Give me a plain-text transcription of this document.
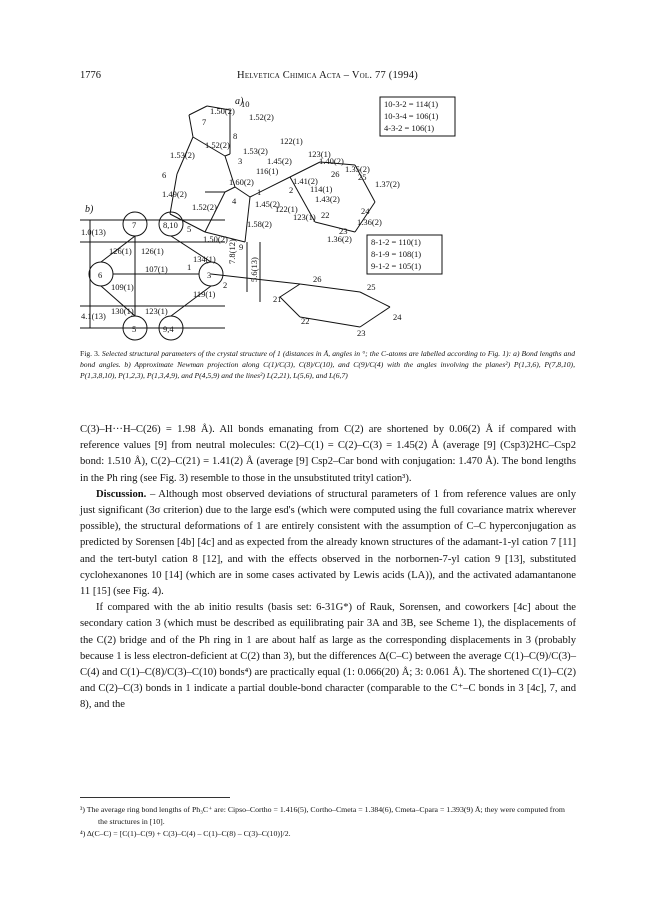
1776	Helvetica Chimica Acta – Vol. 77 (1994)
a)
b)
10
7
8
3
26 25
24
23
22
6
1	2
4
5
9
1.50(2)
1.52(2)
1.52(2)
1.53(2)	1.53(2)
1.45(2)
1.41(2)
1.40(2)
1.35(2)
1.37(2)
1.36(2)
1.36(2)
1.43(2)
1.49(2)
1.52(2)
1.60(2)
1.45(2)
1.58(2)
1.50(2)
116(1)
122(1)
123(1)
114(1)
122(1)
123(1)
10-3-2 = 114(1)
10-3-4 = 106(1)
4-3-2 = 106(1)
8-1-2 = 110(1)
8-1-9 = 108(1)
9-1-2 = 105(1)
7	8,10
6
1
3
2
5	9,4
21
26
25
24
23
22
1.0(13)
4.1(13)
126(1) 126(1)
107(1)
109(1)
130(1) 123(1)
134(1)
119(1)
7.8(12)
5.6(13)
Fig. 3. Selected structural parameters of the crystal structure of 1 (distances in Å, angles in °; the C-atoms are labelled according to Fig. 1): a) Bond lengths and bond angles. b) Approximate Newman projection along C(1)/C(3), C(8)/C(10), and C(9)/C(4) with the angles involving the planes²) P(1,3,6), P(7,8,10), P(1,3,8,10), P(1,2,3), P(1,3,4,9), and P(4,5,9) and the lines²) L(2,21), L(5,6), and L(6,7)

C(3)–H···H–C(26) = 1.98 Å). All bonds emanating from C(2) are shortened by 0.06(2) Å if compared with reference values [9] from neutral molecules: C(2)–C(1) = C(2)–C(3) = 1.45(2) Å (average [9] (Csp3)2HC–Csp2 bond: 1.510 Å), C(2)–C(21) = 1.41(2) Å (average [9] Csp2–Car bond with conjugation: 1.470 Å). The bond lengths in the Ph ring (see Fig. 3) resemble to those in the unsubstituted trityl cation³).

Discussion. – Although most observed deviations of structural parameters of 1 from reference values are only just significant (3σ criterion) due to the large esd's (which were computed using the full covariance matrix wherever possible), the structural deformations of 1 are entirely consistent with the assumption of C–C hyperconjugation as predicted by Sorensen [4b] [4c] and as expected from the already known structures of the adamant-1-yl cation 7 [11] and the tert-butyl cation 8 [12], and with the effects observed in the norbornen-7-yl cation 9 [13], substituted cyclohexanones 10 [14] (which are in some cases activated by Lewis acids (LA)), and the activated adamantanone 11 [15] (see Fig. 4).

If compared with the ab initio results (basis set: 6-31G*) of Rauk, Sorensen, and coworkers [4c] about the secondary cation 3 (which must be described as equilibrating pair 3A and 3B, see Scheme 1), the displacements of the C(2) bridge and of the Ph ring in 1 are about half as large as the corresponding displacements in 3 (probably because 1 is less electron-deficient at C(2) than 3), but the differences Δ(C–C) between the average C(1)–C(9)/C(3)–C(4) and C(1)–C(8)/C(3)–C(10) bonds⁴) are practically equal (1: 0.066(20) Å; 3: 0.061 Å). The shortened C(1)–C(2) and C(2)–C(3) bonds in 1 indicate a partial double-bond character (comparable to the C⁺–C bonds in 3 [4c], 7, and 8), and the

³) The average ring bond lengths of Ph₃C⁺ are: Cipso–Cortho = 1.416(5), Cortho–Cmeta = 1.384(6), Cmeta–Cpara = 1.393(9) Å; they were computed from the structures in [10].

⁴) Δ(C–C) = [C(1)–C(9) + C(3)–C(4) – C(1)–C(8) – C(3)–C(10)]/2.
